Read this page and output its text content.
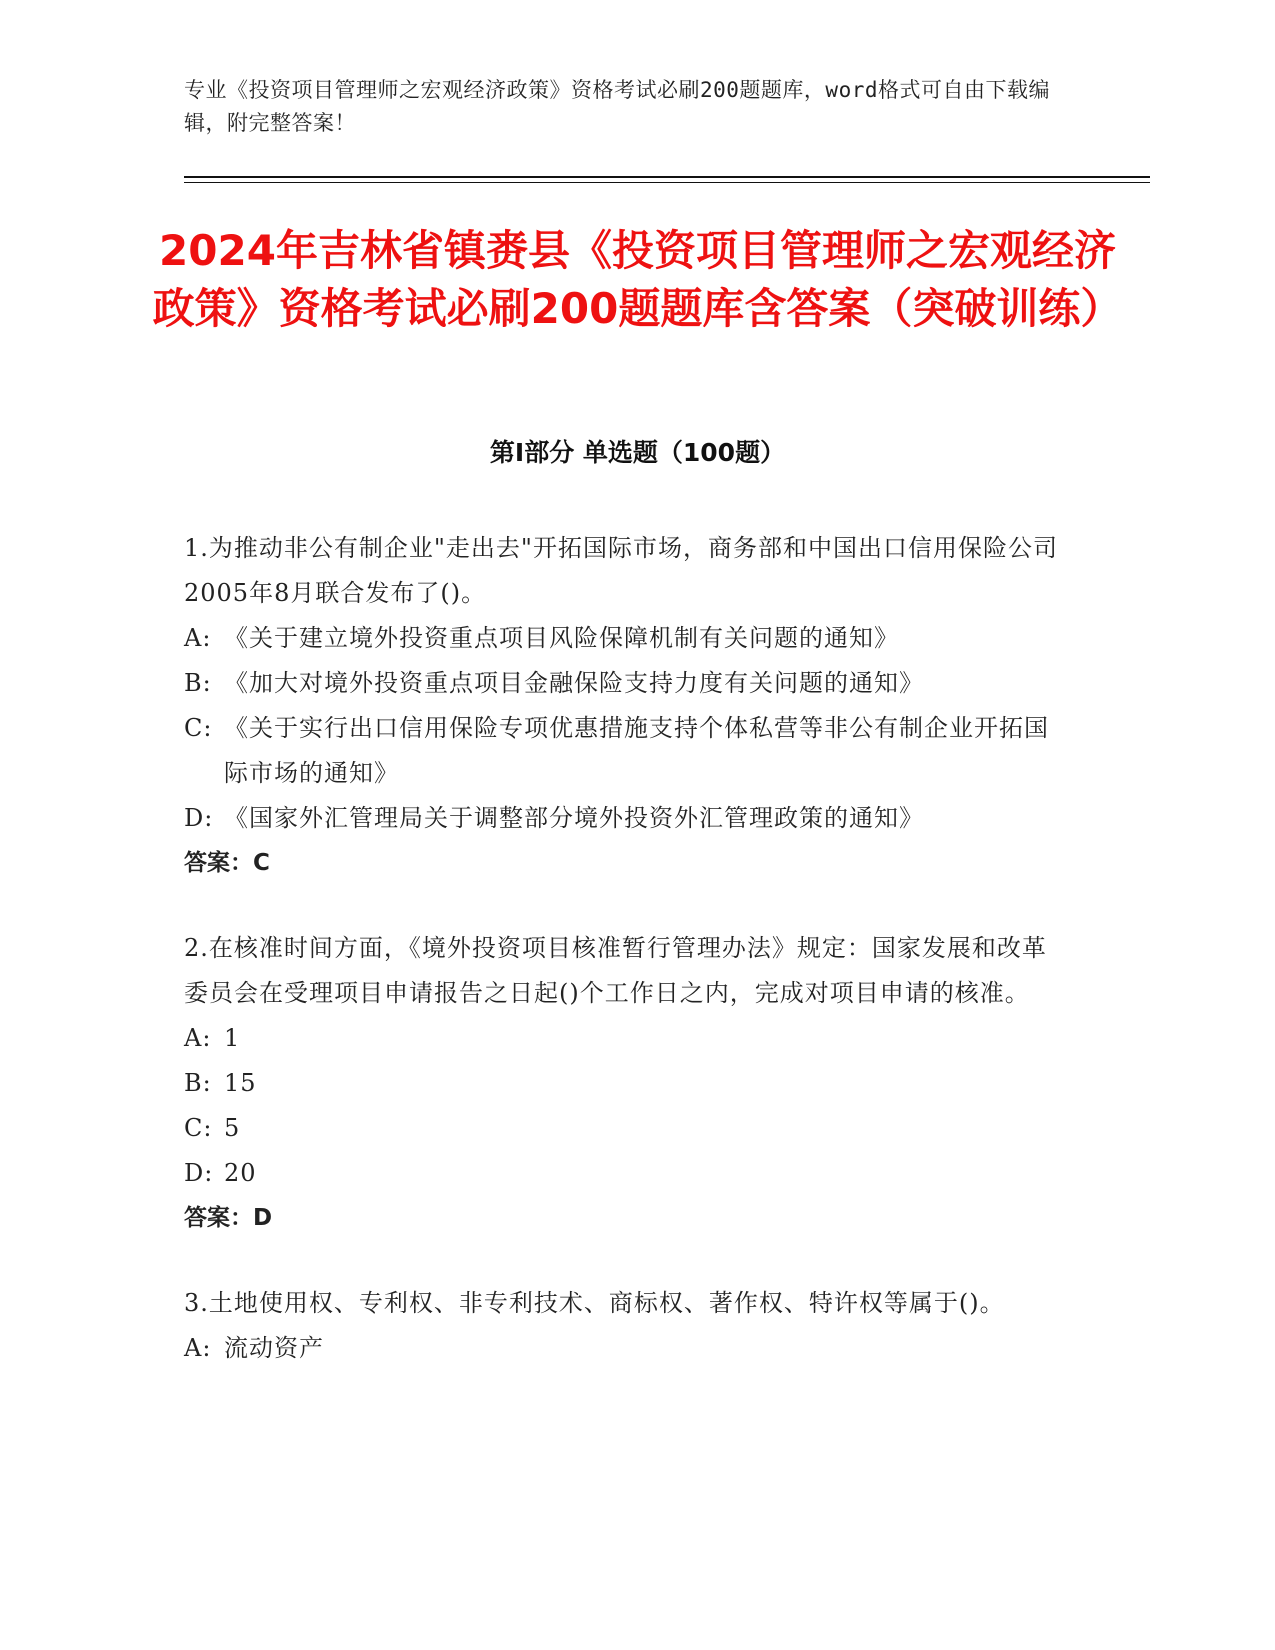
专业《投资项目管理师之宏观经济政策》资格考试必刷200题题库，word格式可自由下载编辑，附完整答案！
2024年吉林省镇赉县《投资项目管理师之宏观经济政策》资格考试必刷200题题库含答案（突破训练）
第I部分 单选题（100题）

1.为推动非公有制企业"走出去"开拓国际市场，商务部和中国出口信用保险公司2005年8月联合发布了()。

A: 《关于建立境外投资重点项目风险保障机制有关问题的通知》

B: 《加大对境外投资重点项目金融保险支持力度有关问题的通知》

C: 《关于实行出口信用保险专项优惠措施支持个体私营等非公有制企业开拓国际市场的通知》

D: 《国家外汇管理局关于调整部分境外投资外汇管理政策的通知》

答案：C

2.在核准时间方面，《境外投资项目核准暂行管理办法》规定：国家发展和改革委员会在受理项目申请报告之日起()个工作日之内，完成对项目申请的核准。

A: 1

B: 15

C: 5

D: 20

答案：D

3.土地使用权、专利权、非专利技术、商标权、著作权、特许权等属于()。

A: 流动资产
